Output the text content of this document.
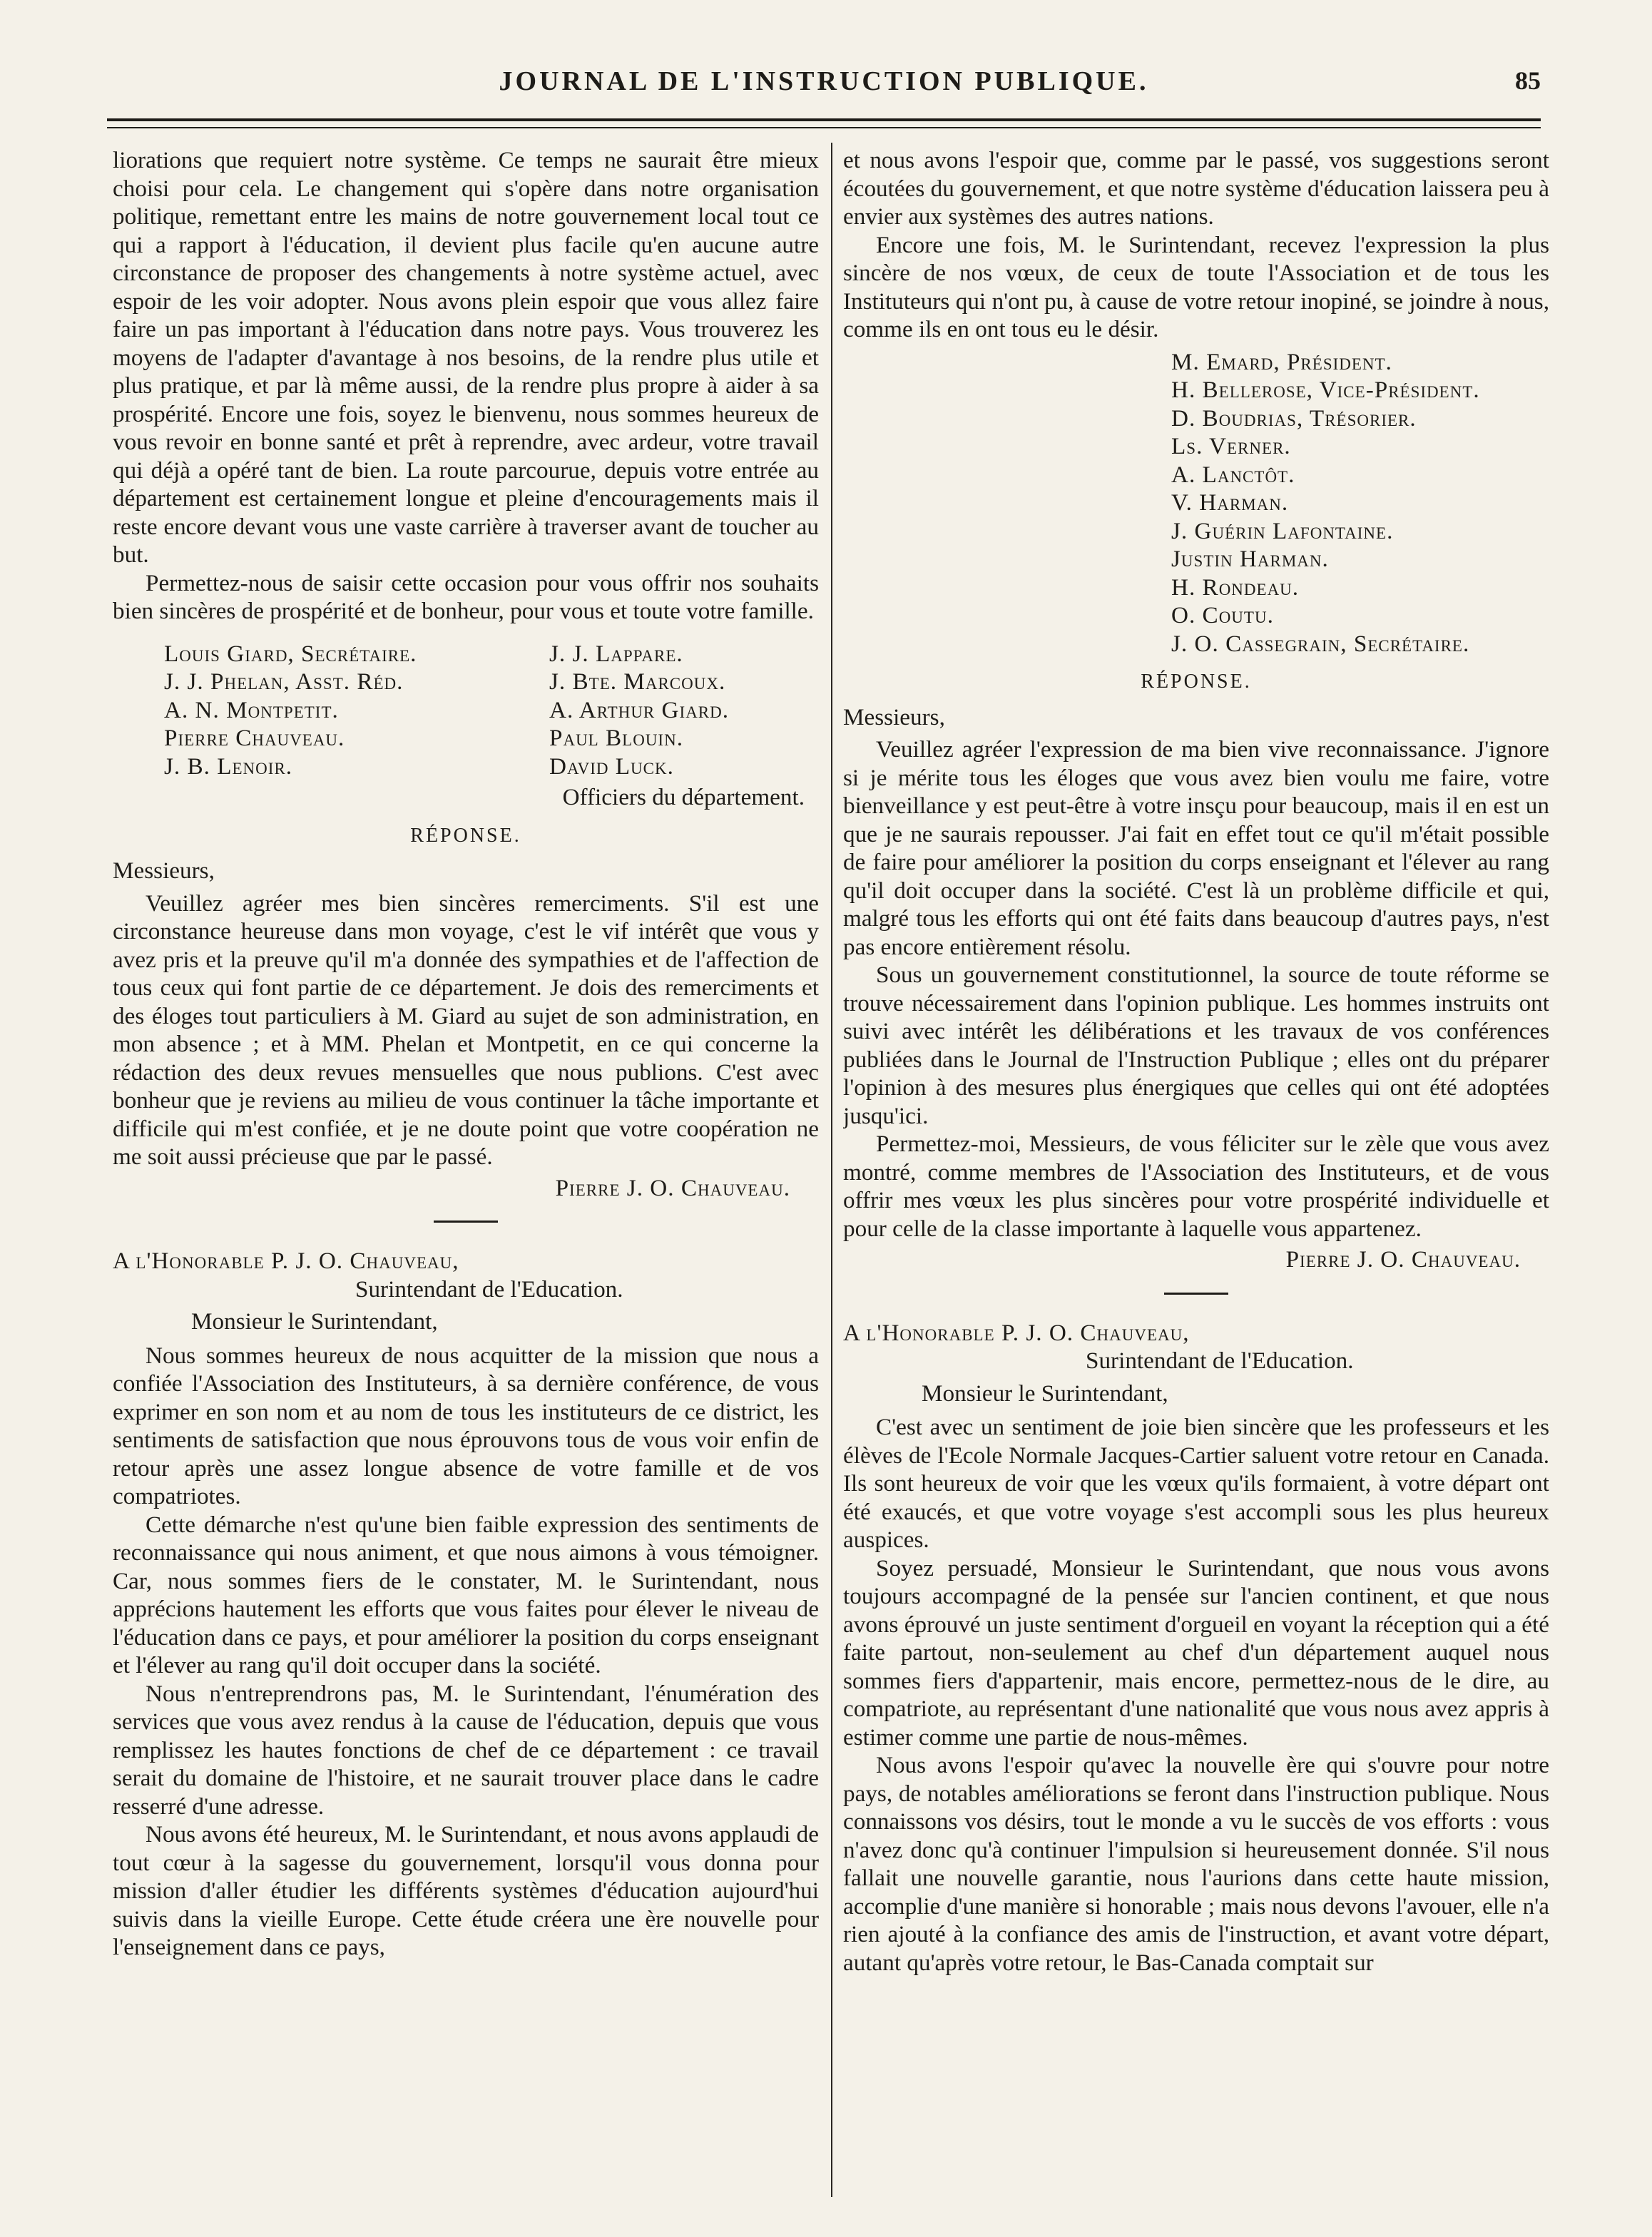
JOURNAL DE L'INSTRUCTION PUBLIQUE.	85

liorations que requiert notre système. Ce temps ne saurait être mieux choisi pour cela. Le changement qui s'opère dans notre organisation politique, remettant entre les mains de notre gouvernement local tout ce qui a rapport à l'éducation, il devient plus facile qu'en aucune autre circonstance de proposer des changements à notre système actuel, avec espoir de les voir adopter. Nous avons plein espoir que vous allez faire faire un pas important à l'éducation dans notre pays. Vous trouverez les moyens de l'adapter d'avantage à nos besoins, de la rendre plus utile et plus pratique, et par là même aussi, de la rendre plus propre à aider à sa prospérité. Encore une fois, soyez le bienvenu, nous sommes heureux de vous revoir en bonne santé et prêt à reprendre, avec ardeur, votre travail qui déjà a opéré tant de bien. La route parcourue, depuis votre entrée au département est certainement longue et pleine d'encouragements mais il reste encore devant vous une vaste carrière à traverser avant de toucher au but.

Permettez-nous de saisir cette occasion pour vous offrir nos souhaits bien sincères de prospérité et de bonheur, pour vous et toute votre famille.

Louis Giard, Secrétaire.	J. J. Lappare.
J. J. Phelan, Asst. Réd.	J. Bte. Marcoux.
A. N. Montpetit.	A. Arthur Giard.
Pierre Chauveau.	Paul Blouin.
J. B. Lenoir.	David Luck.
Officiers du département.
RÉPONSE.
Messieurs,

Veuillez agréer mes bien sincères remerciments. S'il est une circonstance heureuse dans mon voyage, c'est le vif intérêt que vous y avez pris et la preuve qu'il m'a donnée des sympathies et de l'affection de tous ceux qui font partie de ce département. Je dois des remerciments et des éloges tout particuliers à M. Giard au sujet de son administration, en mon absence ; et à MM. Phelan et Montpetit, en ce qui concerne la rédaction des deux revues mensuelles que nous publions. C'est avec bonheur que je reviens au milieu de vous continuer la tâche importante et difficile qui m'est confiée, et je ne doute point que votre coopération ne me soit aussi précieuse que par le passé.

Pierre J. O. Chauveau.
A l'Honorable P. J. O. Chauveau,
Surintendant de l'Education.
Monsieur le Surintendant,

Nous sommes heureux de nous acquitter de la mission que nous a confiée l'Association des Instituteurs, à sa dernière conférence, de vous exprimer en son nom et au nom de tous les instituteurs de ce district, les sentiments de satisfaction que nous éprouvons tous de vous voir enfin de retour après une assez longue absence de votre famille et de vos compatriotes.

Cette démarche n'est qu'une bien faible expression des sentiments de reconnaissance qui nous animent, et que nous aimons à vous témoigner. Car, nous sommes fiers de le constater, M. le Surintendant, nous apprécions hautement les efforts que vous faites pour élever le niveau de l'éducation dans ce pays, et pour améliorer la position du corps enseignant et l'élever au rang qu'il doit occuper dans la société.

Nous n'entreprendrons pas, M. le Surintendant, l'énumération des services que vous avez rendus à la cause de l'éducation, depuis que vous remplissez les hautes fonctions de chef de ce département : ce travail serait du domaine de l'histoire, et ne saurait trouver place dans le cadre resserré d'une adresse.

Nous avons été heureux, M. le Surintendant, et nous avons applaudi de tout cœur à la sagesse du gouvernement, lorsqu'il vous donna pour mission d'aller étudier les différents systèmes d'éducation aujourd'hui suivis dans la vieille Europe. Cette étude créera une ère nouvelle pour l'enseignement dans ce pays,

et nous avons l'espoir que, comme par le passé, vos suggestions seront écoutées du gouvernement, et que notre système d'éducation laissera peu à envier aux systèmes des autres nations.

Encore une fois, M. le Surintendant, recevez l'expression la plus sincère de nos vœux, de ceux de toute l'Association et de tous les Instituteurs qui n'ont pu, à cause de votre retour inopiné, se joindre à nous, comme ils en ont tous eu le désir.

M. Emard, Président.
H. Bellerose, Vice-Président.
D. Boudrias, Trésorier.
Ls. Verner.
A. Lanctôt.
V. Harman.
J. Guérin Lafontaine.
Justin Harman.
H. Rondeau.
O. Coutu.
J. O. Cassegrain, Secrétaire.
RÉPONSE.
Messieurs,

Veuillez agréer l'expression de ma bien vive reconnaissance. J'ignore si je mérite tous les éloges que vous avez bien voulu me faire, votre bienveillance y est peut-être à votre insçu pour beaucoup, mais il en est un que je ne saurais repousser. J'ai fait en effet tout ce qu'il m'était possible de faire pour améliorer la position du corps enseignant et l'élever au rang qu'il doit occuper dans la société. C'est là un problème difficile et qui, malgré tous les efforts qui ont été faits dans beaucoup d'autres pays, n'est pas encore entièrement résolu.

Sous un gouvernement constitutionnel, la source de toute réforme se trouve nécessairement dans l'opinion publique. Les hommes instruits ont suivi avec intérêt les délibérations et les travaux de vos conférences publiées dans le Journal de l'Instruction Publique ; elles ont du préparer l'opinion à des mesures plus énergiques que celles qui ont été adoptées jusqu'ici.

Permettez-moi, Messieurs, de vous féliciter sur le zèle que vous avez montré, comme membres de l'Association des Instituteurs, et de vous offrir mes vœux les plus sincères pour votre prospérité individuelle et pour celle de la classe importante à laquelle vous appartenez.

Pierre J. O. Chauveau.
A l'Honorable P. J. O. Chauveau,
Surintendant de l'Education.
Monsieur le Surintendant,

C'est avec un sentiment de joie bien sincère que les professeurs et les élèves de l'Ecole Normale Jacques-Cartier saluent votre retour en Canada. Ils sont heureux de voir que les vœux qu'ils formaient, à votre départ ont été exaucés, et que votre voyage s'est accompli sous les plus heureux auspices.

Soyez persuadé, Monsieur le Surintendant, que nous vous avons toujours accompagné de la pensée sur l'ancien continent, et que nous avons éprouvé un juste sentiment d'orgueil en voyant la réception qui a été faite partout, non-seulement au chef d'un département auquel nous sommes fiers d'appartenir, mais encore, permettez-nous de le dire, au compatriote, au représentant d'une nationalité que vous nous avez appris à estimer comme une partie de nous-mêmes.

Nous avons l'espoir qu'avec la nouvelle ère qui s'ouvre pour notre pays, de notables améliorations se feront dans l'instruction publique. Nous connaissons vos désirs, tout le monde a vu le succès de vos efforts : vous n'avez donc qu'à continuer l'impulsion si heureusement donnée. S'il nous fallait une nouvelle garantie, nous l'aurions dans cette haute mission, accomplie d'une manière si honorable ; mais nous devons l'avouer, elle n'a rien ajouté à la confiance des amis de l'instruction, et avant votre départ, autant qu'après votre retour, le Bas-Canada comptait sur
